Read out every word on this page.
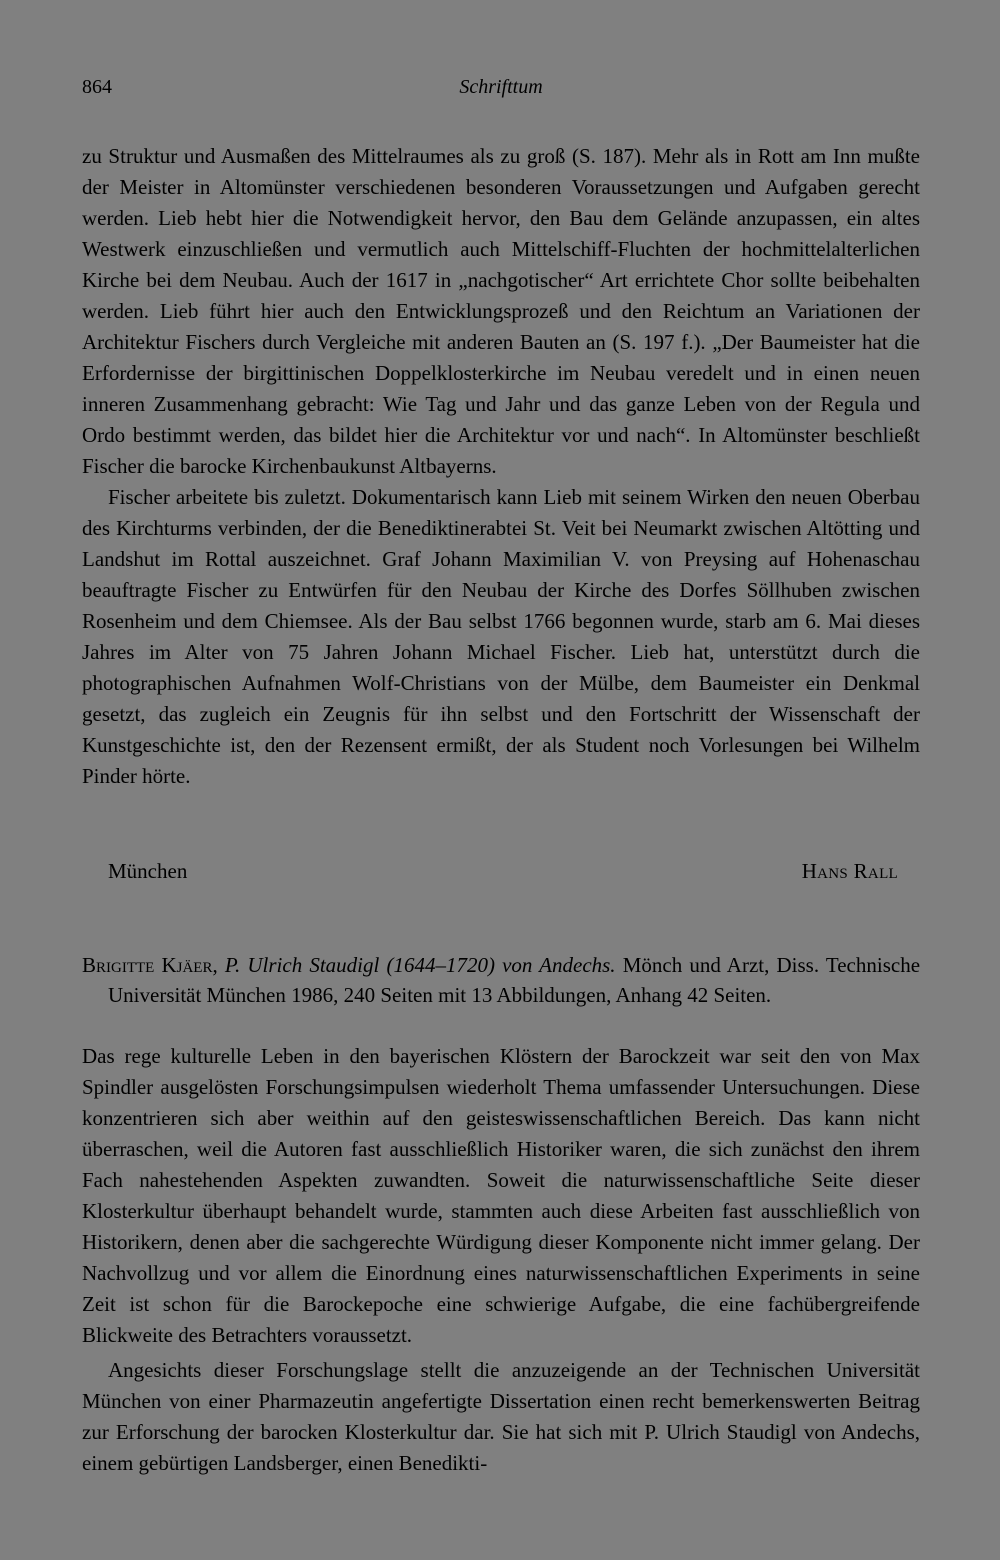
864	Schrifttum

zu Struktur und Ausmaßen des Mittelraumes als zu groß (S. 187). Mehr als in Rott am Inn mußte der Meister in Altomünster verschiedenen besonderen Voraussetzungen und Aufgaben gerecht werden. Lieb hebt hier die Notwendigkeit hervor, den Bau dem Gelände anzupassen, ein altes Westwerk einzuschließen und vermutlich auch Mittelschiff-Fluchten der hochmittelalterlichen Kirche bei dem Neubau. Auch der 1617 in „nachgotischer“ Art errichtete Chor sollte beibehalten werden. Lieb führt hier auch den Entwicklungsprozeß und den Reichtum an Variationen der Architektur Fischers durch Vergleiche mit anderen Bauten an (S. 197 f.). „Der Baumeister hat die Erfordernisse der birgittinischen Doppelklosterkirche im Neubau veredelt und in einen neuen inneren Zusammenhang gebracht: Wie Tag und Jahr und das ganze Leben von der Regula und Ordo bestimmt werden, das bildet hier die Architektur vor und nach“. In Altomünster beschließt Fischer die barocke Kirchenbaukunst Altbayerns.

Fischer arbeitete bis zuletzt. Dokumentarisch kann Lieb mit seinem Wirken den neuen Oberbau des Kirchturms verbinden, der die Benediktinerabtei St. Veit bei Neumarkt zwischen Altötting und Landshut im Rottal auszeichnet. Graf Johann Maximilian V. von Preysing auf Hohenaschau beauftragte Fischer zu Entwürfen für den Neubau der Kirche des Dorfes Söllhuben zwischen Rosenheim und dem Chiemsee. Als der Bau selbst 1766 begonnen wurde, starb am 6. Mai dieses Jahres im Alter von 75 Jahren Johann Michael Fischer. Lieb hat, unterstützt durch die photographischen Aufnahmen Wolf-Christians von der Mülbe, dem Baumeister ein Denkmal gesetzt, das zugleich ein Zeugnis für ihn selbst und den Fortschritt der Wissenschaft der Kunstgeschichte ist, den der Rezensent ermißt, der als Student noch Vorlesungen bei Wilhelm Pinder hörte.

München	Hans Rall
Brigitte Kjäer, P. Ulrich Staudigl (1644–1720) von Andechs. Mönch und Arzt, Diss. Technische Universität München 1986, 240 Seiten mit 13 Abbildungen, Anhang 42 Seiten.

Das rege kulturelle Leben in den bayerischen Klöstern der Barockzeit war seit den von Max Spindler ausgelösten Forschungsimpulsen wiederholt Thema umfassender Untersuchungen. Diese konzentrieren sich aber weithin auf den geisteswissenschaftlichen Bereich. Das kann nicht überraschen, weil die Autoren fast ausschließlich Historiker waren, die sich zunächst den ihrem Fach nahestehenden Aspekten zuwandten. Soweit die naturwissenschaftliche Seite dieser Klosterkultur überhaupt behandelt wurde, stammten auch diese Arbeiten fast ausschließlich von Historikern, denen aber die sachgerechte Würdigung dieser Komponente nicht immer gelang. Der Nachvollzug und vor allem die Einordnung eines naturwissenschaftlichen Experiments in seine Zeit ist schon für die Barockepoche eine schwierige Aufgabe, die eine fachübergreifende Blickweite des Betrachters voraussetzt.

Angesichts dieser Forschungslage stellt die anzuzeigende an der Technischen Universität München von einer Pharmazeutin angefertigte Dissertation einen recht bemerkenswerten Beitrag zur Erforschung der barocken Klosterkultur dar. Sie hat sich mit P. Ulrich Staudigl von Andechs, einem gebürtigen Landsberger, einen Benedikti-
